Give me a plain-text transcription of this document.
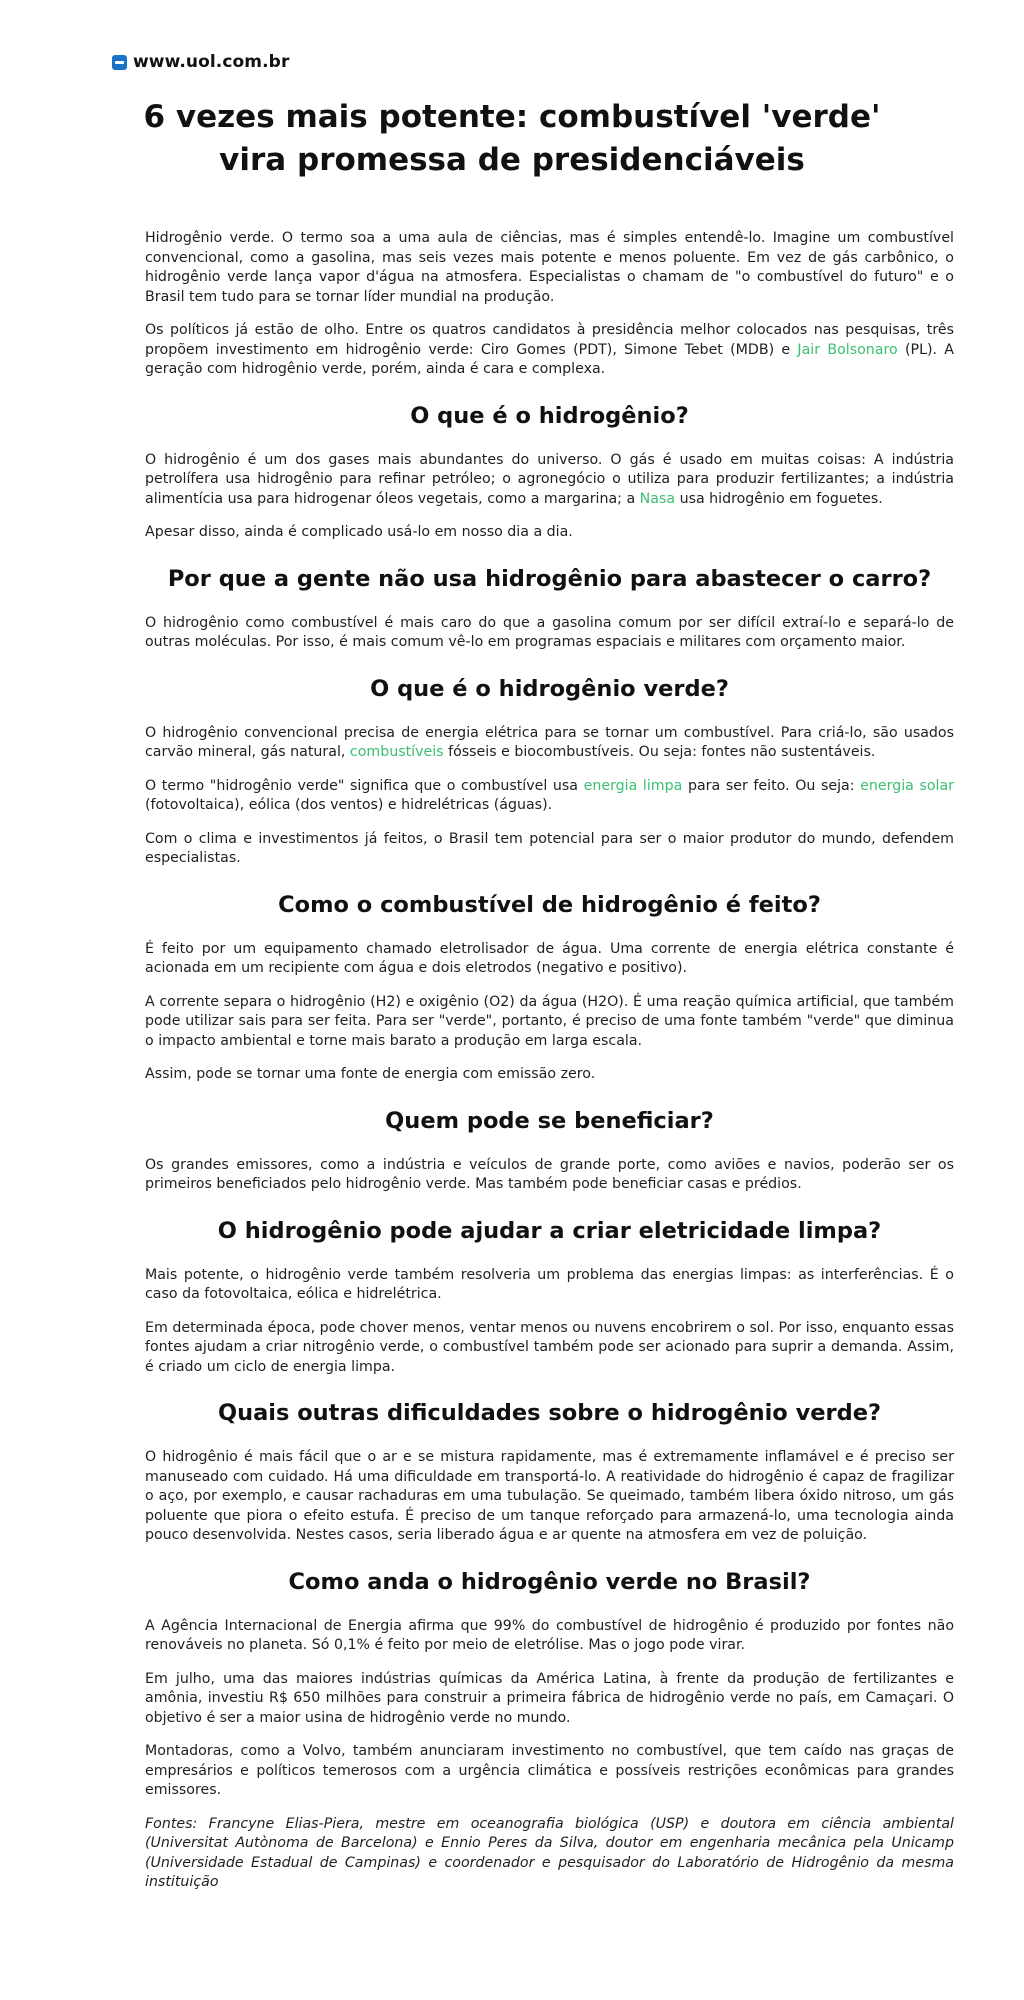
www.uol.com.br
6 vezes mais potente: combustível 'verde' vira promessa de presidenciáveis

Hidrogênio verde. O termo soa a uma aula de ciências, mas é simples entendê-lo. Imagine um combustível convencional, como a gasolina, mas seis vezes mais potente e menos poluente. Em vez de gás carbônico, o hidrogênio verde lança vapor d'água na atmosfera. Especialistas o chamam de "o combustível do futuro" e o Brasil tem tudo para se tornar líder mundial na produção.

Os políticos já estão de olho. Entre os quatros candidatos à presidência melhor colocados nas pesquisas, três propõem investimento em hidrogênio verde: Ciro Gomes (PDT), Simone Tebet (MDB) e Jair Bolsonaro (PL). A geração com hidrogênio verde, porém, ainda é cara e complexa.

O que é o hidrogênio?

O hidrogênio é um dos gases mais abundantes do universo. O gás é usado em muitas coisas: A indústria petrolífera usa hidrogênio para refinar petróleo; o agronegócio o utiliza para produzir fertilizantes; a indústria alimentícia usa para hidrogenar óleos vegetais, como a margarina; a Nasa usa hidrogênio em foguetes.

Apesar disso, ainda é complicado usá-lo em nosso dia a dia.

Por que a gente não usa hidrogênio para abastecer o carro?

O hidrogênio como combustível é mais caro do que a gasolina comum por ser difícil extraí-lo e separá-lo de outras moléculas. Por isso, é mais comum vê-lo em programas espaciais e militares com orçamento maior.

O que é o hidrogênio verde?

O hidrogênio convencional precisa de energia elétrica para se tornar um combustível. Para criá-lo, são usados carvão mineral, gás natural, combustíveis fósseis e biocombustíveis. Ou seja: fontes não sustentáveis.

O termo "hidrogênio verde" significa que o combustível usa energia limpa para ser feito. Ou seja: energia solar (fotovoltaica), eólica (dos ventos) e hidrelétricas (águas).

Com o clima e investimentos já feitos, o Brasil tem potencial para ser o maior produtor do mundo, defendem especialistas.

Como o combustível de hidrogênio é feito?

É feito por um equipamento chamado eletrolisador de água. Uma corrente de energia elétrica constante é acionada em um recipiente com água e dois eletrodos (negativo e positivo).

A corrente separa o hidrogênio (H2) e oxigênio (O2) da água (H2O). É uma reação química artificial, que também pode utilizar sais para ser feita. Para ser "verde", portanto, é preciso de uma fonte também "verde" que diminua o impacto ambiental e torne mais barato a produção em larga escala.

Assim, pode se tornar uma fonte de energia com emissão zero.

Quem pode se beneficiar?

Os grandes emissores, como a indústria e veículos de grande porte, como aviões e navios, poderão ser os primeiros beneficiados pelo hidrogênio verde. Mas também pode beneficiar casas e prédios.

O hidrogênio pode ajudar a criar eletricidade limpa?

Mais potente, o hidrogênio verde também resolveria um problema das energias limpas: as interferências. É o caso da fotovoltaica, eólica e hidrelétrica.

Em determinada época, pode chover menos, ventar menos ou nuvens encobrirem o sol. Por isso, enquanto essas fontes ajudam a criar nitrogênio verde, o combustível também pode ser acionado para suprir a demanda. Assim, é criado um ciclo de energia limpa.

Quais outras dificuldades sobre o hidrogênio verde?

O hidrogênio é mais fácil que o ar e se mistura rapidamente, mas é extremamente inflamável e é preciso ser manuseado com cuidado. Há uma dificuldade em transportá-lo. A reatividade do hidrogênio é capaz de fragilizar o aço, por exemplo, e causar rachaduras em uma tubulação. Se queimado, também libera óxido nitroso, um gás poluente que piora o efeito estufa. É preciso de um tanque reforçado para armazená-lo, uma tecnologia ainda pouco desenvolvida. Nestes casos, seria liberado água e ar quente na atmosfera em vez de poluição.

Como anda o hidrogênio verde no Brasil?

A Agência Internacional de Energia afirma que 99% do combustível de hidrogênio é produzido por fontes não renováveis no planeta. Só 0,1% é feito por meio de eletrólise. Mas o jogo pode virar.

Em julho, uma das maiores indústrias químicas da América Latina, à frente da produção de fertilizantes e amônia, investiu R$ 650 milhões para construir a primeira fábrica de hidrogênio verde no país, em Camaçari. O objetivo é ser a maior usina de hidrogênio verde no mundo.

Montadoras, como a Volvo, também anunciaram investimento no combustível, que tem caído nas graças de empresários e políticos temerosos com a urgência climática e possíveis restrições econômicas para grandes emissores.

Fontes: Francyne Elias-Piera, mestre em oceanografia biológica (USP) e doutora em ciência ambiental (Universitat Autònoma de Barcelona) e Ennio Peres da Silva, doutor em engenharia mecânica pela Unicamp (Universidade Estadual de Campinas) e coordenador e pesquisador do Laboratório de Hidrogênio da mesma instituição
